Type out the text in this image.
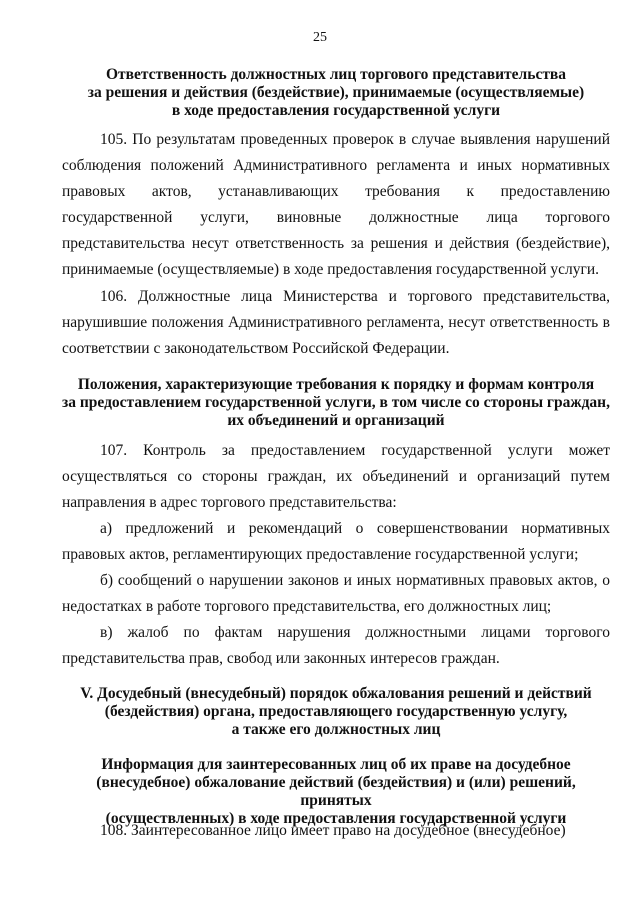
25
Ответственность должностных лиц торгового представительства
за решения и действия (бездействие), принимаемые (осуществляемые)
в ходе предоставления государственной услуги
105. По результатам проведенных проверок в случае выявления нарушений соблюдения положений Административного регламента и иных нормативных правовых актов, устанавливающих требования к предоставлению государственной услуги, виновные должностные лица торгового представительства несут ответственность за решения и действия (бездействие), принимаемые (осуществляемые) в ходе предоставления государственной услуги.
106. Должностные лица Министерства и торгового представительства, нарушившие положения Административного регламента, несут ответственность в соответствии с законодательством Российской Федерации.
Положения, характеризующие требования к порядку и формам контроля
за предоставлением государственной услуги, в том числе со стороны граждан,
их объединений и организаций
107. Контроль за предоставлением государственной услуги может осуществляться со стороны граждан, их объединений и организаций путем направления в адрес торгового представительства:
а) предложений и рекомендаций о совершенствовании нормативных правовых актов, регламентирующих предоставление государственной услуги;
б) сообщений о нарушении законов и иных нормативных правовых актов, о недостатках в работе торгового представительства, его должностных лиц;
в) жалоб по фактам нарушения должностными лицами торгового представительства прав, свобод или законных интересов граждан.
V. Досудебный (внесудебный) порядок обжалования решений и действий
(бездействия) органа, предоставляющего государственную услугу,
а также его должностных лиц
Информация для заинтересованных лиц об их праве на досудебное
(внесудебное) обжалование действий (бездействия) и (или) решений, принятых
(осуществленных) в ходе предоставления государственной услуги
108. Заинтересованное лицо имеет право на досудебное (внесудебное)
